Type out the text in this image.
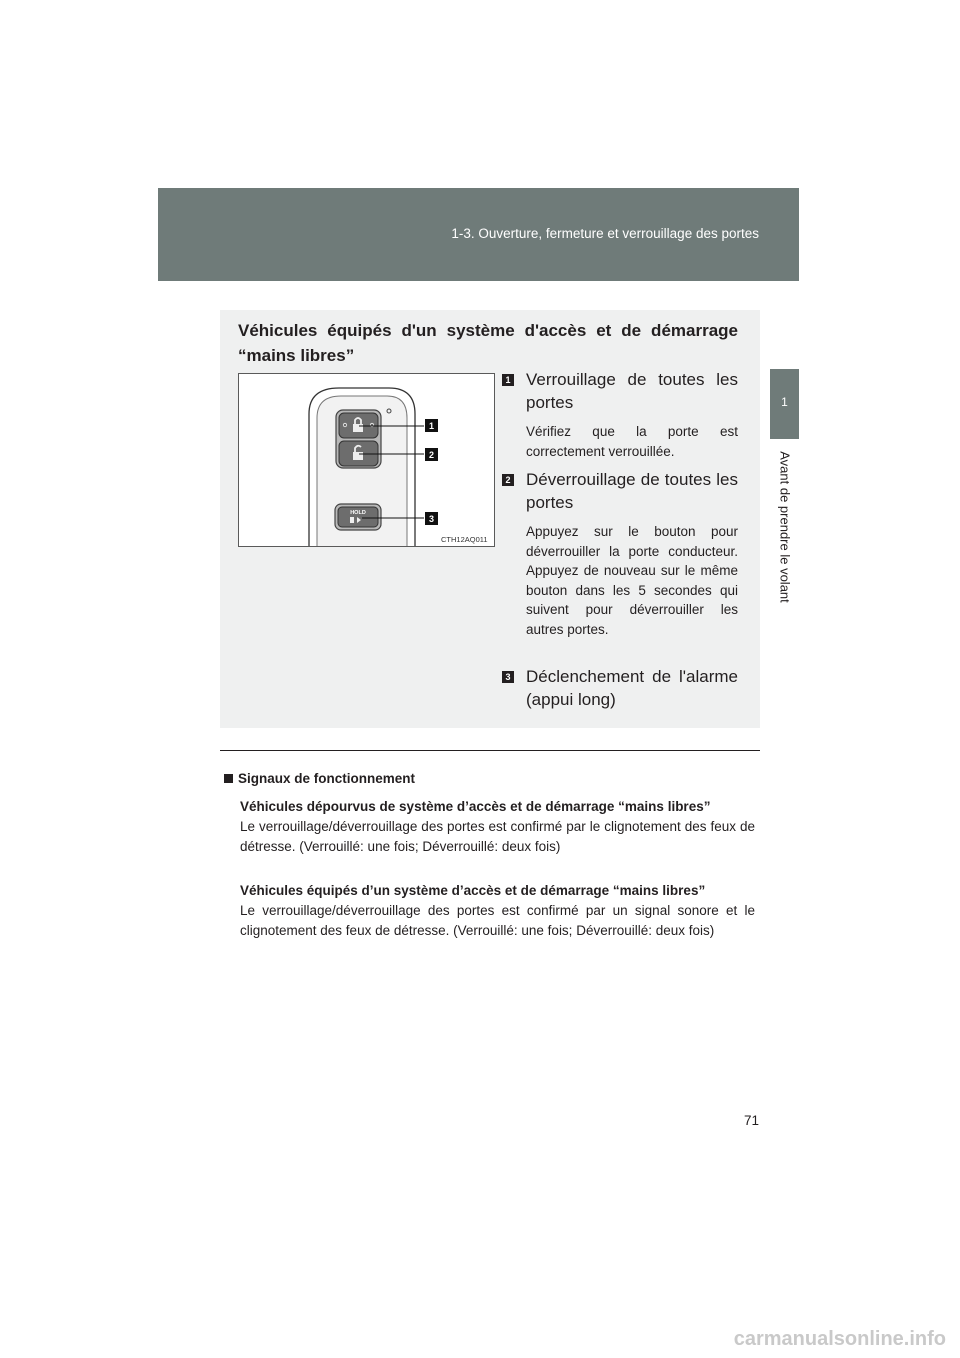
1-3. Ouverture, fermeture et verrouillage des portes
1
Avant de prendre le volant
Véhicules équipés d'un système d'accès et de démarrage “mains libres”
HOLD
1
2
3
CTH12AQ011
1 Verrouillage de toutes les portes
Vérifiez que la porte est correctement verrouillée.
2 Déverrouillage de toutes les portes
Appuyez sur le bouton pour déverrouiller la porte conducteur. Appuyez de nouveau sur le même bouton dans les 5 secondes qui suivent pour déverrouiller les autres portes.
3 Déclenchement de l'alarme (appui long)
Signaux de fonctionnement
Véhicules dépourvus de système d’accès et de démarrage “mains libres”
Le verrouillage/déverrouillage des portes est confirmé par le clignotement des feux de détresse. (Verrouillé: une fois; Déverrouillé: deux fois)
Véhicules équipés d’un système d’accès et de démarrage “mains libres”
Le verrouillage/déverrouillage des portes est confirmé par un signal sonore et le clignotement des feux de détresse. (Verrouillé: une fois; Déverrouillé: deux fois)
71
carmanualsonline.info
